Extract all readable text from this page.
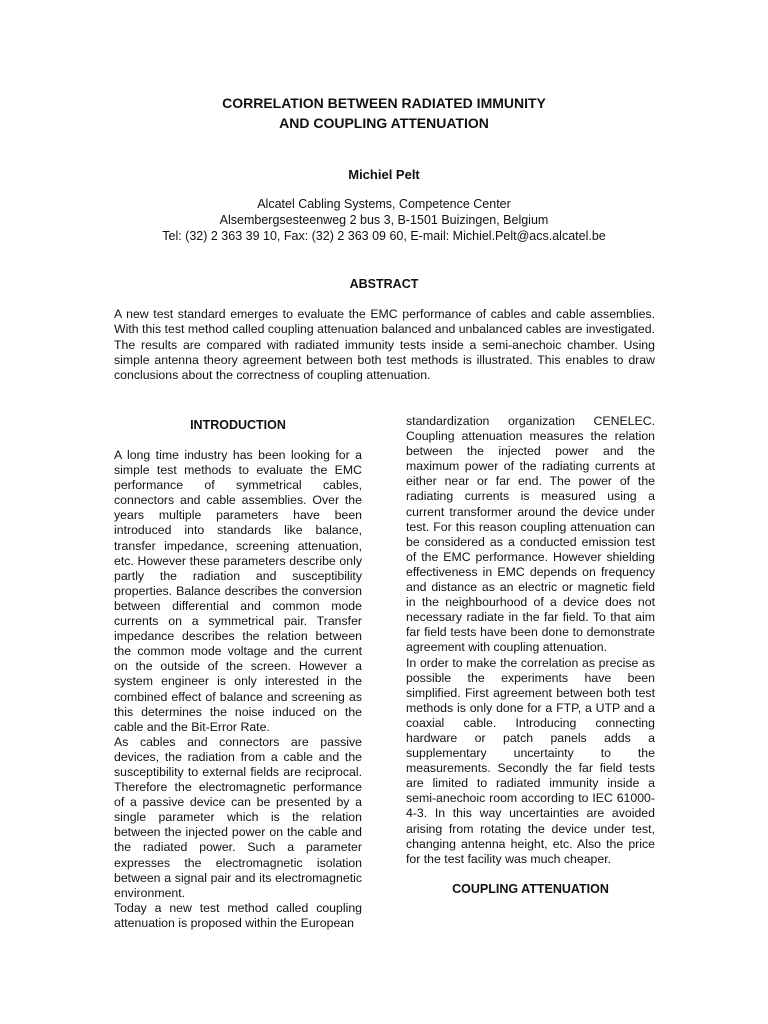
CORRELATION BETWEEN RADIATED IMMUNITY
AND COUPLING ATTENUATION
Michiel Pelt
Alcatel Cabling Systems, Competence Center
Alsembergsesteenweg 2 bus 3, B-1501 Buizingen, Belgium
Tel: (32) 2 363 39 10, Fax: (32) 2 363 09 60, E-mail: Michiel.Pelt@acs.alcatel.be
ABSTRACT

A new test standard emerges to evaluate the EMC performance of cables and cable assemblies. With this test method called coupling attenuation balanced and unbalanced cables are investigated. The results are compared with radiated immunity tests inside a semi-anechoic chamber. Using simple antenna theory agreement between both test methods is illustrated. This enables to draw conclusions about the correctness of coupling attenuation.

INTRODUCTION

A long time industry has been looking for a simple test methods to evaluate the EMC performance of symmetrical cables, connectors and cable assemblies. Over the years multiple parameters have been introduced into standards like balance, transfer impedance, screening attenuation, etc. However these parameters describe only partly the radiation and susceptibility properties. Balance describes the conversion between differential and common mode currents on a symmetrical pair. Transfer impedance describes the relation between the common mode voltage and the current on the outside of the screen. However a system engineer is only interested in the combined effect of balance and screening as this determines the noise induced on the cable and the Bit-Error Rate.

As cables and connectors are passive devices, the radiation from a cable and the susceptibility to external fields are reciprocal. Therefore the electromagnetic performance of a passive device can be presented by a single parameter which is the relation between the injected power on the cable and the radiated power. Such a parameter expresses the electromagnetic isolation between a signal pair and its electromagnetic environment.

Today a new test method called coupling attenuation is proposed within the European

standardization organization CENELEC. Coupling attenuation measures the relation between the injected power and the maximum power of the radiating currents at either near or far end. The power of the radiating currents is measured using a current transformer around the device under test. For this reason coupling attenuation can be considered as a conducted emission test of the EMC performance. However shielding effectiveness in EMC depends on frequency and distance as an electric or magnetic field in the neighbourhood of a device does not necessary radiate in the far field. To that aim far field tests have been done to demonstrate agreement with coupling attenuation.

In order to make the correlation as precise as possible the experiments have been simplified. First agreement between both test methods is only done for a FTP, a UTP and a coaxial cable. Introducing connecting hardware or patch panels adds a supplementary uncertainty to the measurements. Secondly the far field tests are limited to radiated immunity inside a semi-anechoic room according to IEC 61000-4-3. In this way uncertainties are avoided arising from rotating the device under test, changing antenna height, etc. Also the price for the test facility was much cheaper.

COUPLING ATTENUATION
